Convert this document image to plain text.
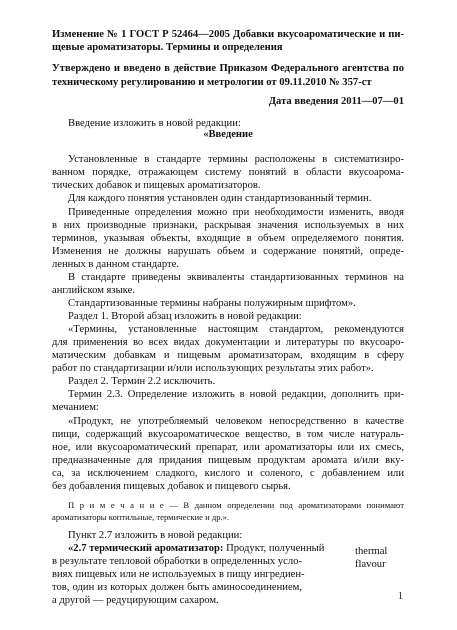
Изменение № 1 ГОСТ Р 52464—2005 Добавки вкусоароматические и пи-

щевые ароматизаторы. Термины и определения

Утверждено и введено в действие Приказом Федерального агентства по

техническому регулированию и метрологии от 09.11.2010 № 357-ст

Дата введения 2011—07—01

Введение изложить в новой редакции:

«Введение

Установленные в стандарте термины расположены в систематизиро-

ванном порядке, отражающем систему понятий в области вкусоарома-

тических добавок и пищевых ароматизаторов.

Для каждого понятия установлен один стандартизованный термин.

Приведенные определения можно при необходимости изменить, вводя

в них производные признаки, раскрывая значения используемых в них

терминов, указывая объекты, входящие в объем определяемого понятия.

Изменения не должны нарушать объем и содержание понятий, опреде-

ленных в данном стандарте.

В стандарте приведены эквиваленты стандартизованных терминов на

английском языке.

Стандартизованные термины набраны полужирным шрифтом».

Раздел 1. Второй абзац изложить в новой редакции:

«Термины, установленные настоящим стандартом, рекомендуются

для применения во всех видах документации и литературы по вкусоаро-

матическим добавкам и пищевым ароматизаторам, входящим в сферу

работ по стандартизации и/или использующих результаты этих работ».

Раздел 2. Термин 2.2 исключить.

Термин 2.3. Определение изложить в новой редакции, дополнить при-

мечанием:

«Продукт, не употребляемый человеком непосредственно в качестве

пищи, содержащий вкусоароматическое вещество, в том числе натураль-

ное, или вкусоароматический препарат, или ароматизаторы или их смесь,

предназначенные для придания пищевым продуктам аромата и/или вку-

са, за исключением сладкого, кислого и соленого, с добавлением или

без добавления пищевых добавок и пищевого сырья.

П р и м е ч а н и е — В данном определении под ароматизаторами понимают

ароматизаторы коптильные, термические и др.».

Пункт 2.7 изложить в новой редакции:

«2.7 термический ароматизатор: Продукт, полученный

в результате тепловой обработки в определенных усло-

виях пищевых или не используемых в пищу ингредиен-

тов, один из которых должен быть аминосоединением,

а другой — редуцирующим сахаром.

thermal
flavour
1
